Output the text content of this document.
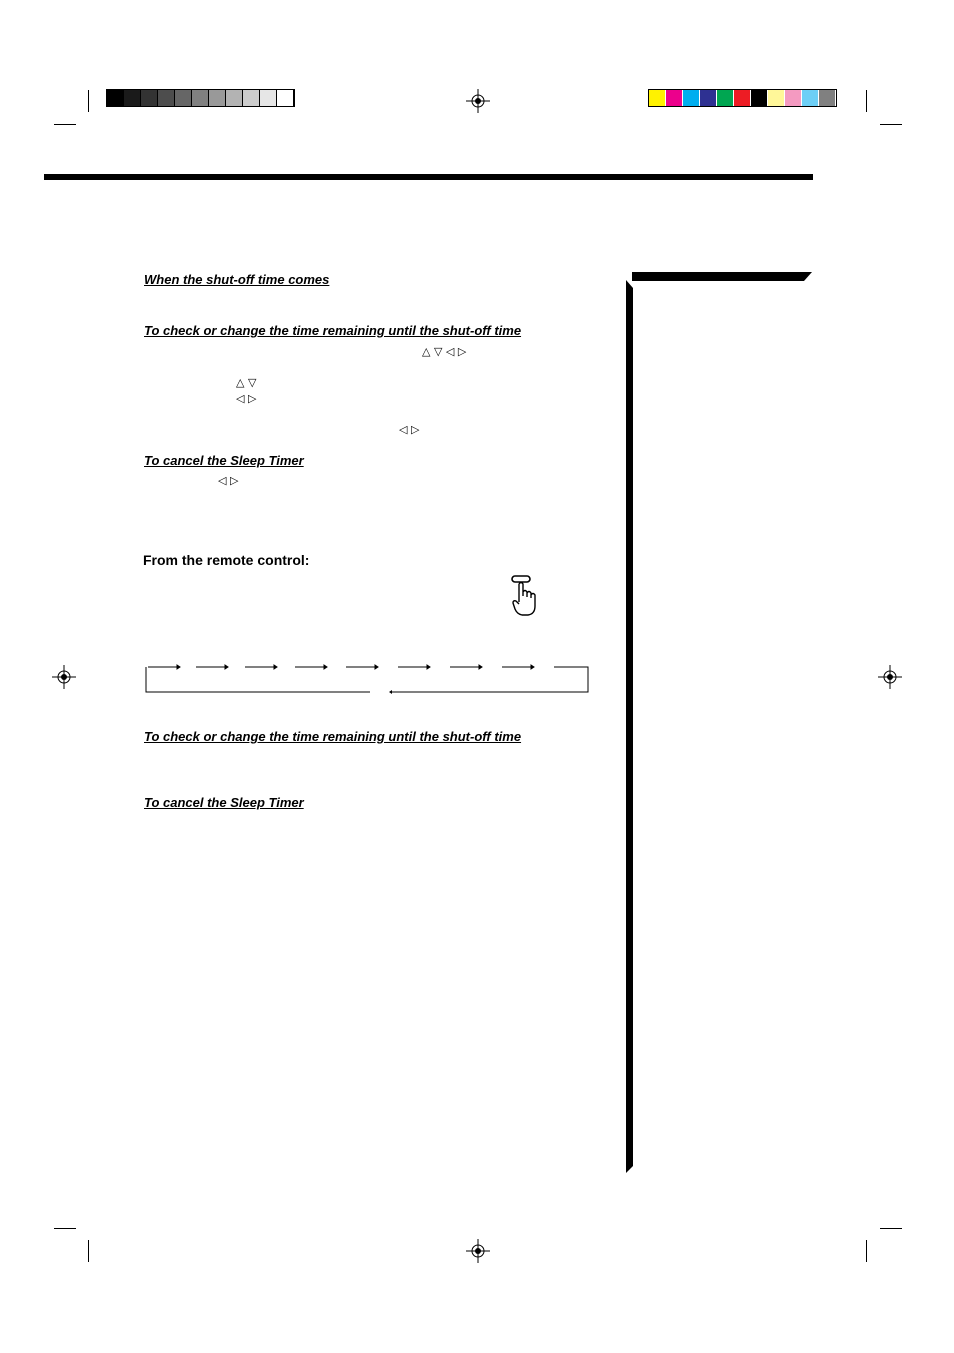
When the shut-off time comes
To check or change the time remaining until the shut-off time
△ ▽ ◁ ▷
△ ▽
◁ ▷
◁ ▷
To cancel the Sleep Timer
◁ ▷
From the remote control:
To check or change the time remaining until the shut-off time
To cancel the Sleep Timer
